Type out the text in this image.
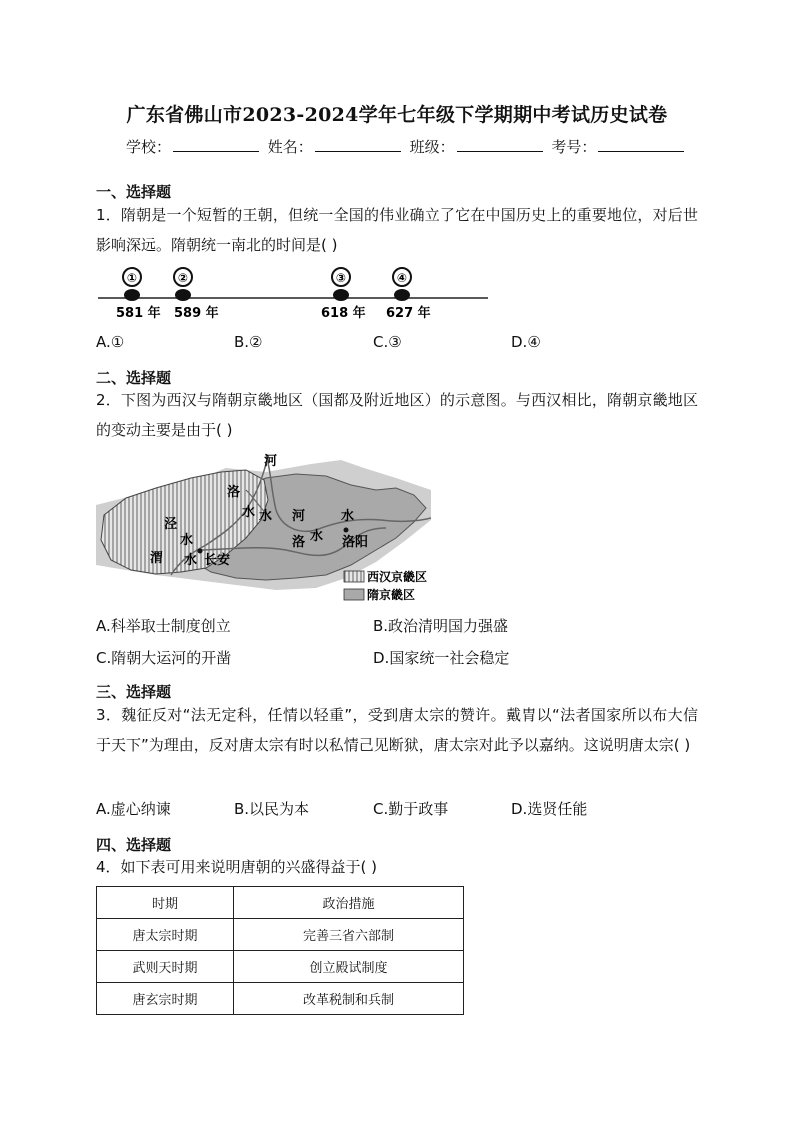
广东省佛山市2023-2024学年七年级下学期期中考试历史试卷
学校：	姓名：	班级：	考号：
一、选择题
1．隋朝是一个短暂的王朝，但统一全国的伟业确立了它在中国历史上的重要地位，对后世影响深远。隋朝统一南北的时间是( )
①	②	③	④
581 年 589 年	618 年 627 年
A.①	B.②	C.③	D.④
二、选择题
2．下图为西汉与隋朝京畿地区（国都及附近地区）的示意图。与西汉相比，隋朝京畿地区的变动主要是由于( )
河
洛
水 水 河	水
泾
水	洛 水
渭 水 长安
洛阳
西汉京畿区
隋京畿区
A.科举取士制度创立	B.政治清明国力强盛
C.隋朝大运河的开凿	D.国家统一社会稳定
三、选择题
3．魏征反对“法无定科，任情以轻重”，受到唐太宗的赞许。戴胄以“法者国家所以布大信于天下”为理由，反对唐太宗有时以私情己见断狱，唐太宗对此予以嘉纳。这说明唐太宗( )
A.虚心纳谏	B.以民为本	C.勤于政事	D.选贤任能
四、选择题
4．如下表可用来说明唐朝的兴盛得益于( )
时期	政治措施
唐太宗时期	完善三省六部制
武则天时期	创立殿试制度
唐玄宗时期	改革税制和兵制
